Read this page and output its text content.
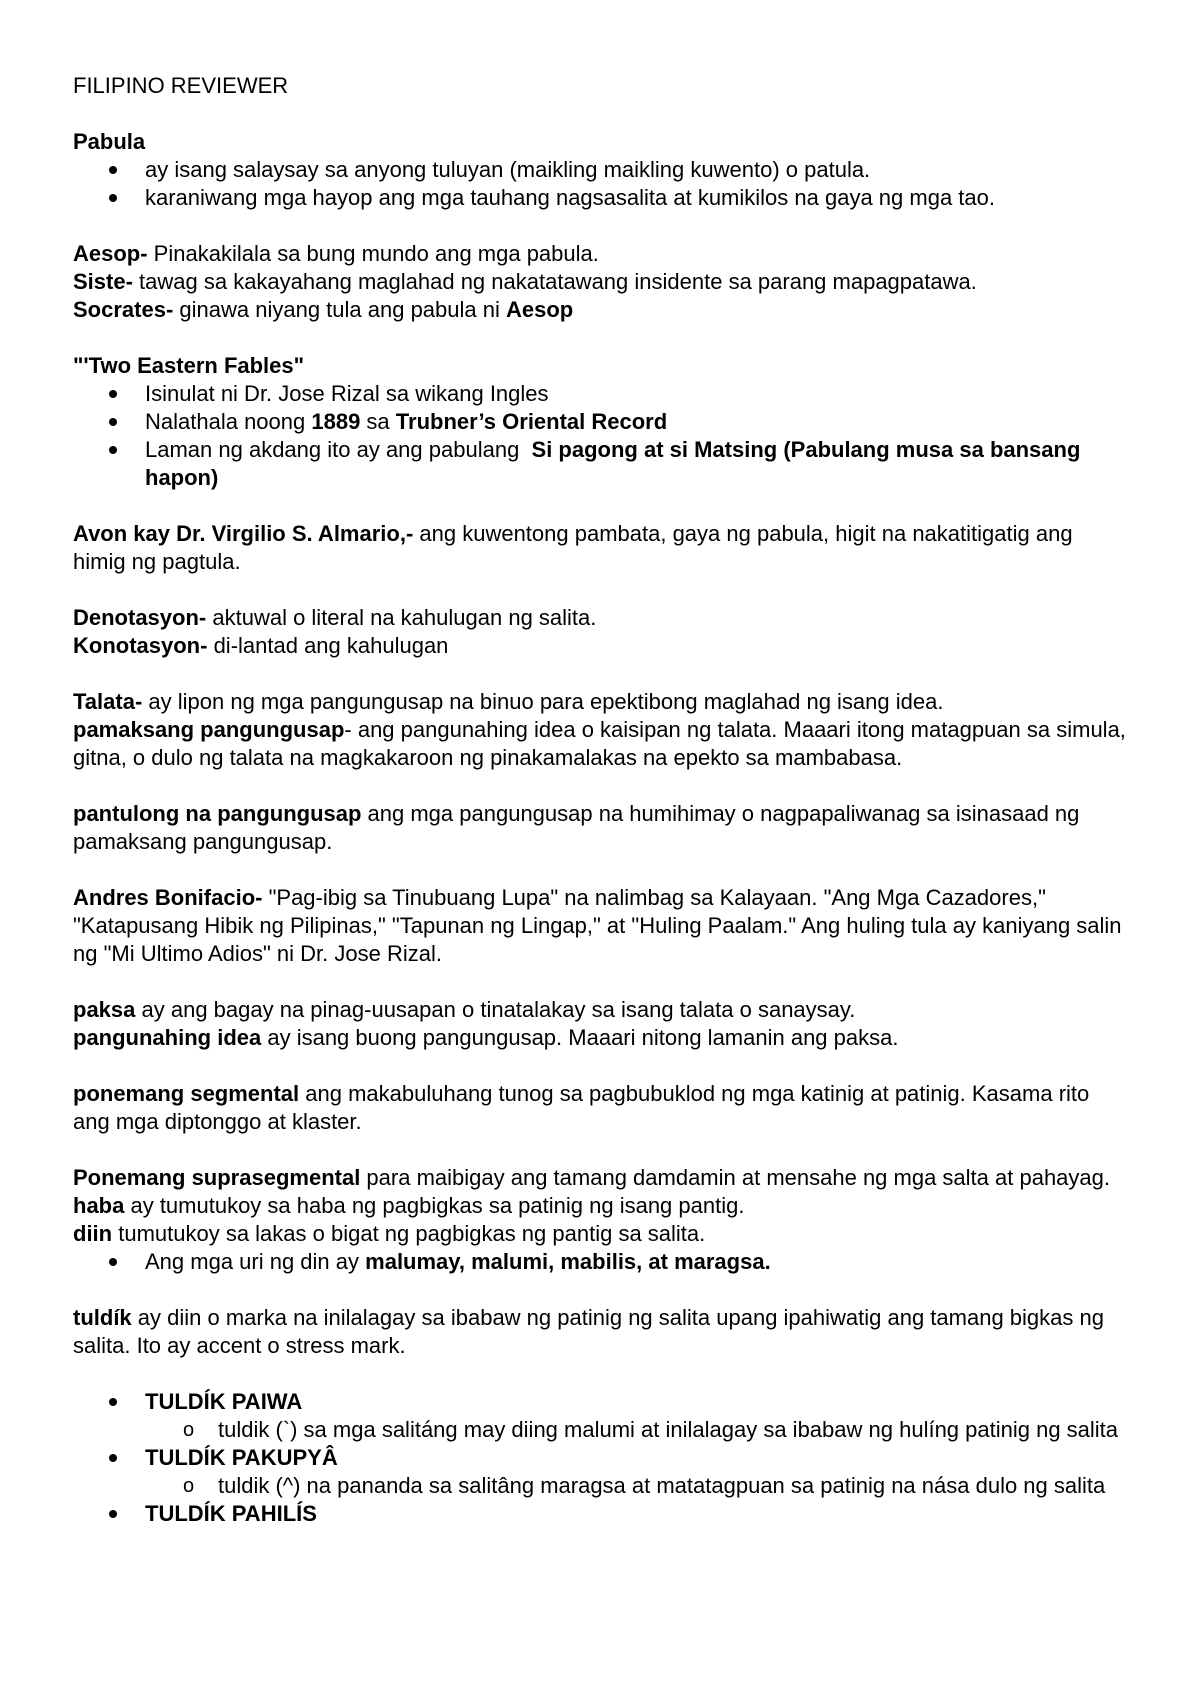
FILIPINO REVIEWER

Pabula

ay isang salaysay sa anyong tuluyan (maikling maikling kuwento) o patula.
karaniwang mga hayop ang mga tauhang nagsasalita at kumikilos na gaya ng mga tao.

Aesop- Pinakakilala sa bung mundo ang mga pabula.

Siste- tawag sa kakayahang maglahad ng nakatatawang insidente sa parang mapagpatawa.

Socrates- ginawa niyang tula ang pabula ni Aesop

"'Two Eastern Fables"

Isinulat ni Dr. Jose Rizal sa wikang Ingles
Nalathala noong 1889 sa Trubner’s Oriental Record
Laman ng akdang ito ay ang pabulang  Si pagong at si Matsing (Pabulang musa sa bansang hapon)

Avon kay Dr. Virgilio S. Almario,- ang kuwentong pambata, gaya ng pabula, higit na nakatitigatig ang himig ng pagtula.

Denotasyon- aktuwal o literal na kahulugan ng salita.

Konotasyon- di-lantad ang kahulugan

Talata- ay lipon ng mga pangungusap na binuo para epektibong maglahad ng isang idea.

pamaksang pangungusap- ang pangunahing idea o kaisipan ng talata. Maaari itong matagpuan sa simula, gitna, o dulo ng talata na magkakaroon ng pinakamalakas na epekto sa mambabasa.

pantulong na pangungusap ang mga pangungusap na humihimay o nagpapaliwanag sa isinasaad ng pamaksang pangungusap.

Andres Bonifacio- "Pag-ibig sa Tinubuang Lupa" na nalimbag sa Kalayaan. "Ang Mga Cazadores," "Katapusang Hibik ng Pilipinas," "Tapunan ng Lingap," at "Huling Paalam." Ang huling tula ay kaniyang salin ng "Mi Ultimo Adios" ni Dr. Jose Rizal.

paksa ay ang bagay na pinag-uusapan o tinatalakay sa isang talata o sanaysay.

pangunahing idea ay isang buong pangungusap. Maaari nitong lamanin ang paksa.

ponemang segmental ang makabuluhang tunog sa pagbubuklod ng mga katinig at patinig. Kasama rito ang mga diptonggo at klaster.

Ponemang suprasegmental para maibigay ang tamang damdamin at mensahe ng mga salta at pahayag.

haba ay tumutukoy sa haba ng pagbigkas sa patinig ng isang pantig.

diin tumutukoy sa lakas o bigat ng pagbigkas ng pantig sa salita.

Ang mga uri ng din ay malumay, malumi, mabilis, at maragsa.

tuldík ay diin o marka na inilalagay sa ibabaw ng patinig ng salita upang ipahiwatig ang tamang bigkas ng salita. Ito ay accent o stress mark.

TULDÍK PAIWA
o tuldik (`) sa mga salitáng may diing malumi at inilalagay sa ibabaw ng hulíng patinig ng salita
TULDÍK PAKUPYÂ
o tuldik (^) na pananda sa salitâng maragsa at matatagpuan sa patinig na násа dulo ng salita
TULDÍK PAHILÍS
